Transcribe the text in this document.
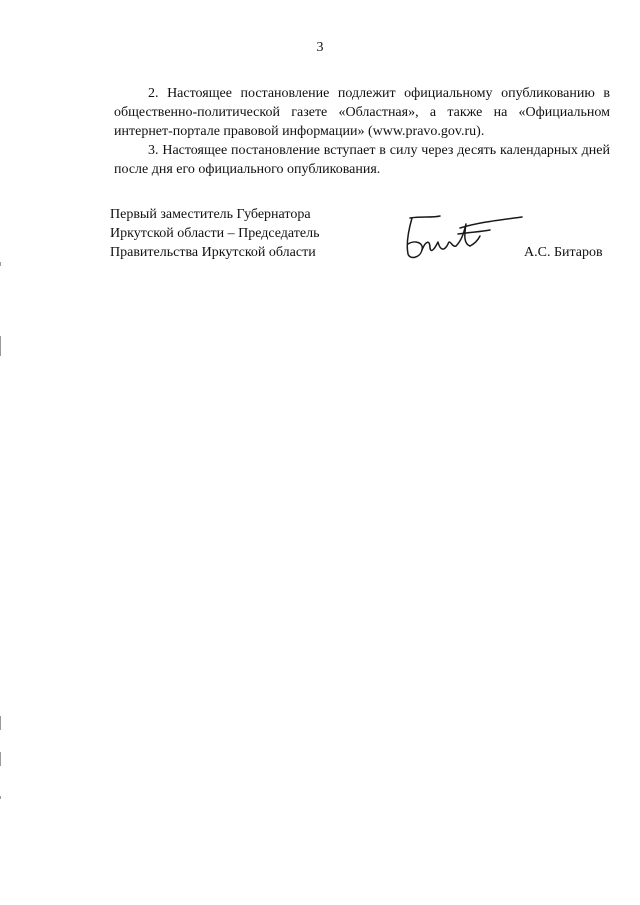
3

2. Настоящее постановление подлежит официальному опубликованию в общественно-политической газете «Областная», а также на «Официальном интернет-портале правовой информации» (www.pravo.gov.ru).

3. Настоящее постановление вступает в силу через десять календарных дней после дня его официального опубликования.

Первый заместитель Губернатора
Иркутской области – Председатель
Правительства Иркутской области	А.С. Битаров
